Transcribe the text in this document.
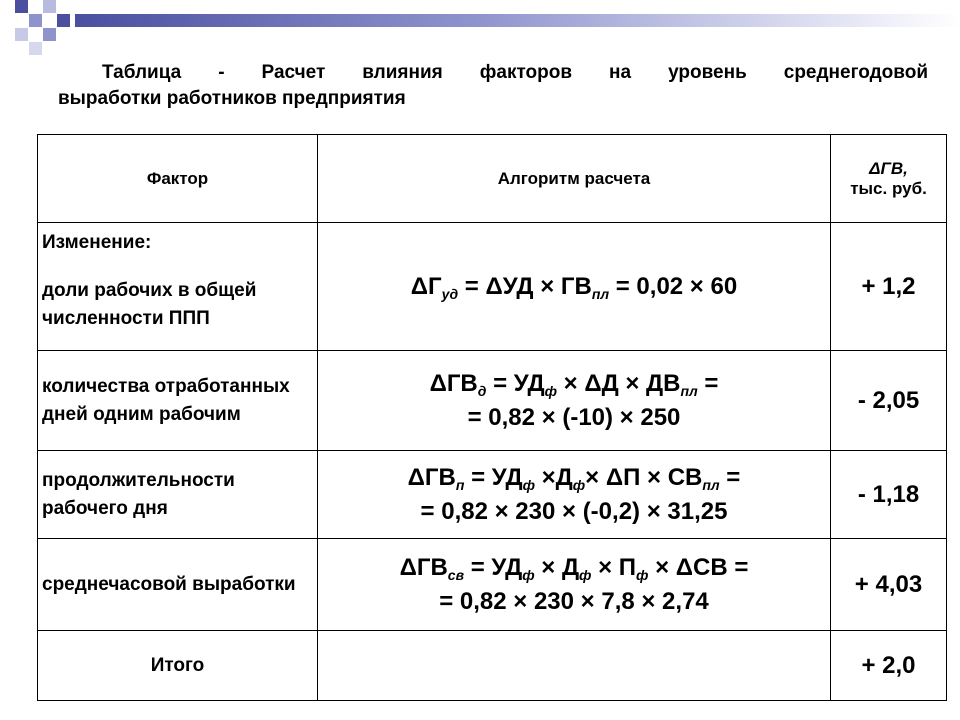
Таблица - Расчет влияния факторов на уровень среднегодовой
выработки работников предприятия
Фактор	Алгоритм расчета	ΔГВ,
тыс. руб.

Изменение:
доли рабочих в общей численности ППП	$\Delta Г_{уд} = \Delta УД \times ГВ_{пл} = 0,02 \times 60$	+ 1,2
количества отработанных дней одним рабочим	$\Delta ГВ_д = УД_ф \times \Delta Д \times ДВ_{пл}$ =
= 0,82 × (-10) × 250	- 2,05
продолжительности рабочего дня	$\Delta ГВ_п = УД_ф \times Д_ф\times \Delta П \times СВ_{пл}$ =
= 0,82 × 230 × (-0,2) × 31,25	- 1,18
среднечасовой выработки	$\Delta ГВ_{св} = УД_ф \times Д_ф \times П_ф \times \Delta СВ$ =
= 0,82 × 230 × 7,8 × 2,74	+ 4,03
Итого		+ 2,0
